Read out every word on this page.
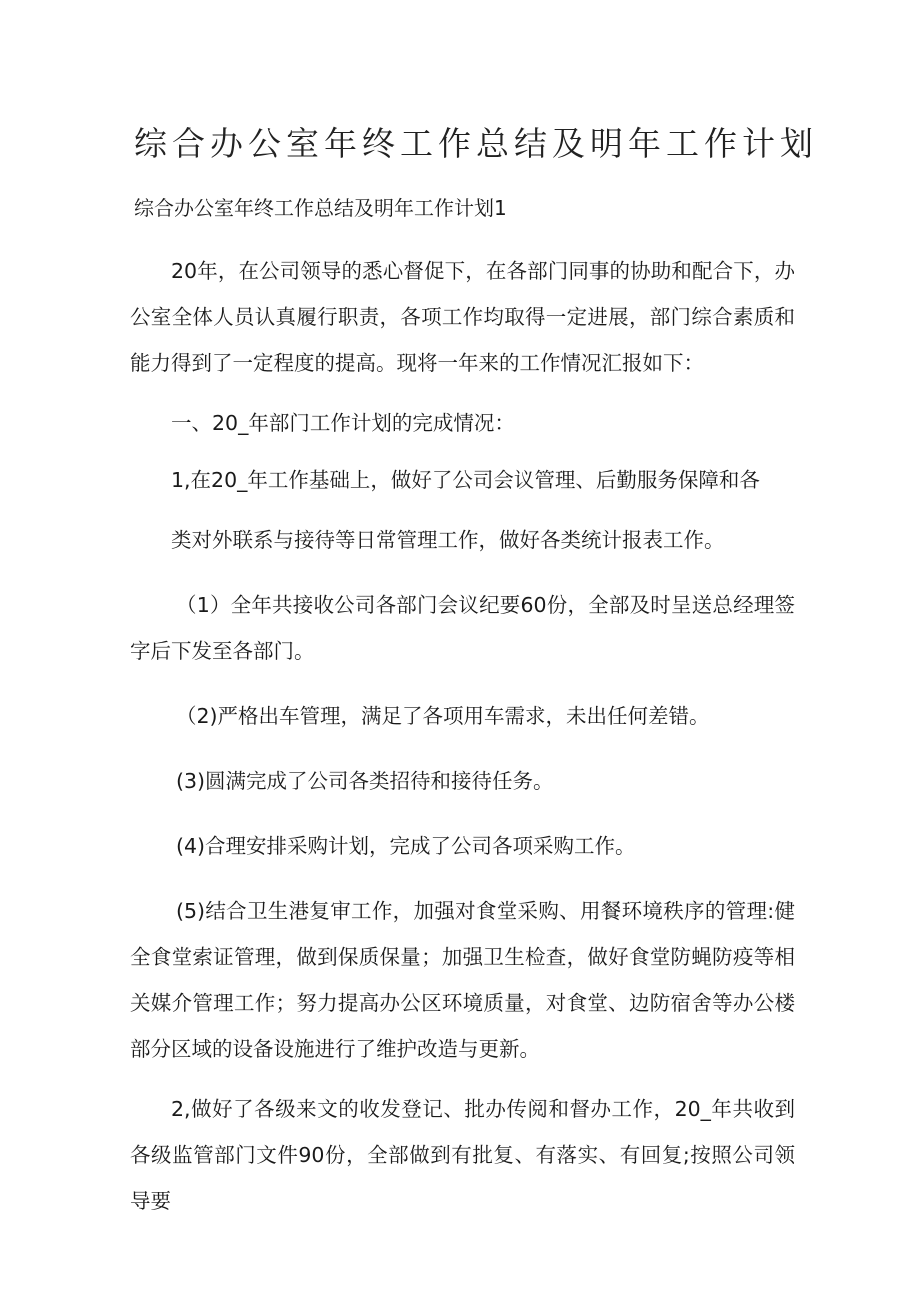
综合办公室年终工作总结及明年工作计划
综合办公室年终工作总结及明年工作计划1

20年，在公司领导的悉心督促下，在各部门同事的协助和配合下，办公室全体人员认真履行职责，各项工作均取得一定进展，部门综合素质和能力得到了一定程度的提高。现将一年来的工作情况汇报如下：

一、20_年部门工作计划的完成情况：

1,在20_年工作基础上，做好了公司会议管理、后勤服务保障和各

类对外联系与接待等日常管理工作，做好各类统计报表工作。

（1）全年共接收公司各部门会议纪要60份，全部及时呈送总经理签字后下发至各部门。

（2)严格出车管理，满足了各项用车需求，未出任何差错。

(3)圆满完成了公司各类招待和接待任务。

(4)合理安排采购计划，完成了公司各项采购工作。

(5)结合卫生港复审工作，加强对食堂采购、用餐环境秩序的管理:健全食堂索证管理，做到保质保量；加强卫生检查，做好食堂防蝇防疫等相关媒介管理工作；努力提高办公区环境质量，对食堂、边防宿舍等办公楼部分区域的设备设施进行了维护改造与更新。

2,做好了各级来文的收发登记、批办传阅和督办工作，20_年共收到各级监管部门文件90份，全部做到有批复、有落实、有回复;按照公司领导要
